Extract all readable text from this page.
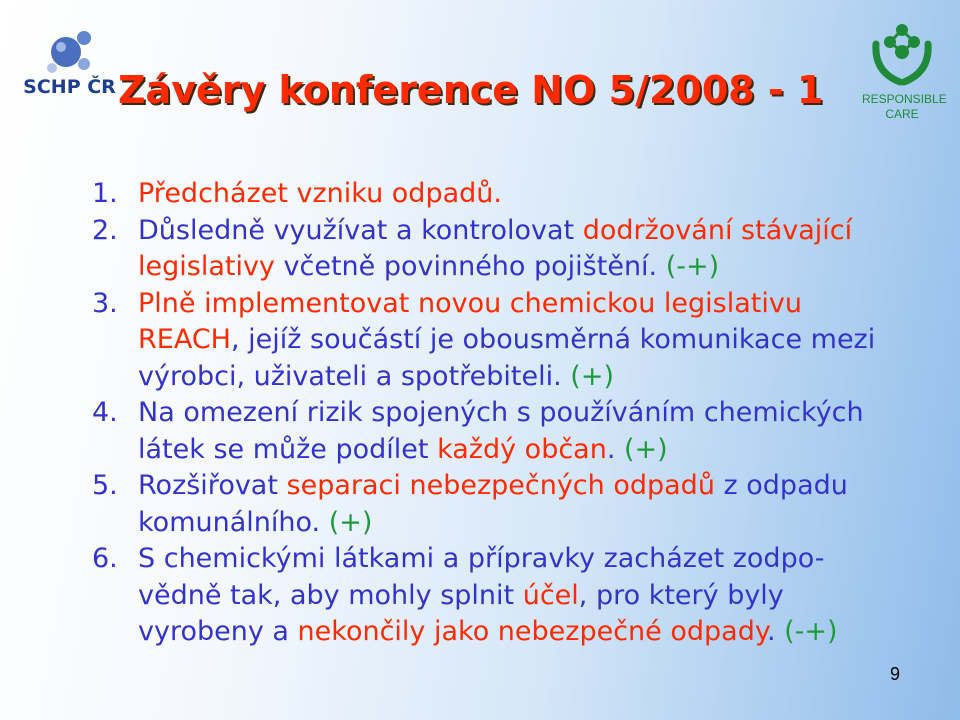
SCHP ČR Závěry konference NO 5/2008 - 1	RESPONSIBLE
CARE
1. Předcházet vzniku odpadů.
2. Důsledně využívat a kontrolovat dodržování stávající legislativy včetně povinného pojištění. (-+)
3. Plně implementovat novou chemickou legislativu REACH, jejíž součástí je obousměrná komunikace mezi výrobci, uživateli a spotřebiteli. (+)
4. Na omezení rizik spojených s používáním chemických látek se může podílet každý občan. (+)
5. Rozšiřovat separaci nebezpečných odpadů z odpadu komunálního. (+)
6. S chemickými látkami a přípravky zacházet zodpo-vědně tak, aby mohly splnit účel, pro který byly vyrobeny a nekončily jako nebezpečné odpady. (-+)
9
